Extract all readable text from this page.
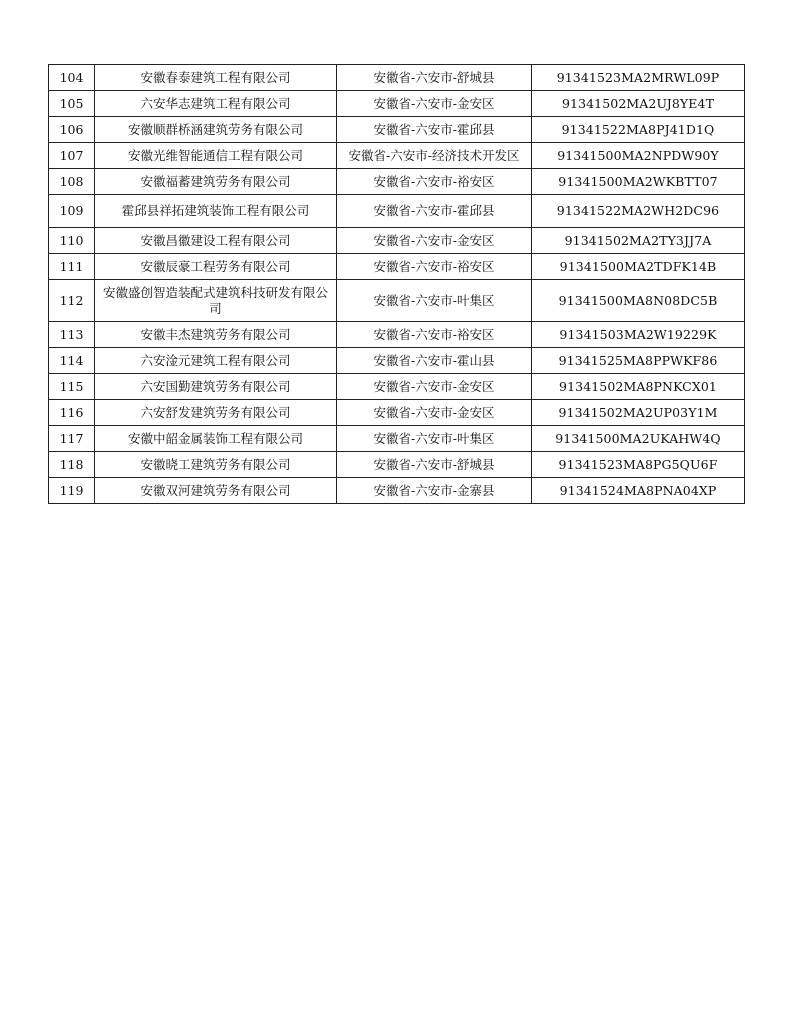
104	安徽春泰建筑工程有限公司	安徽省-六安市-舒城县	91341523MA2MRWL09P
105	六安华志建筑工程有限公司	安徽省-六安市-金安区	91341502MA2UJ8YE4T
106	安徽顺群桥涵建筑劳务有限公司	安徽省-六安市-霍邱县	91341522MA8PJ41D1Q
107	安徽光维智能通信工程有限公司	安徽省-六安市-经济技术开发区	91341500MA2NPDW90Y
108	安徽福蓄建筑劳务有限公司	安徽省-六安市-裕安区	91341500MA2WKBTT07
109	霍邱县祥拓建筑装饰工程有限公司	安徽省-六安市-霍邱县	91341522MA2WH2DC96
110	安徽昌徽建设工程有限公司	安徽省-六安市-金安区	91341502MA2TY3JJ7A
111	安徽辰豪工程劳务有限公司	安徽省-六安市-裕安区	91341500MA2TDFK14B
112	安徽盛创智造装配式建筑科技研发有限公司	安徽省-六安市-叶集区	91341500MA8N08DC5B
113	安徽丰杰建筑劳务有限公司	安徽省-六安市-裕安区	91341503MA2W19229K
114	六安淦元建筑工程有限公司	安徽省-六安市-霍山县	91341525MA8PPWKF86
115	六安国勤建筑劳务有限公司	安徽省-六安市-金安区	91341502MA8PNKCX01
116	六安舒发建筑劳务有限公司	安徽省-六安市-金安区	91341502MA2UP03Y1M
117	安徽中韶金属装饰工程有限公司	安徽省-六安市-叶集区	91341500MA2UKAHW4Q
118	安徽晓工建筑劳务有限公司	安徽省-六安市-舒城县	91341523MA8PG5QU6F
119	安徽双河建筑劳务有限公司	安徽省-六安市-金寨县	91341524MA8PNA04XP
